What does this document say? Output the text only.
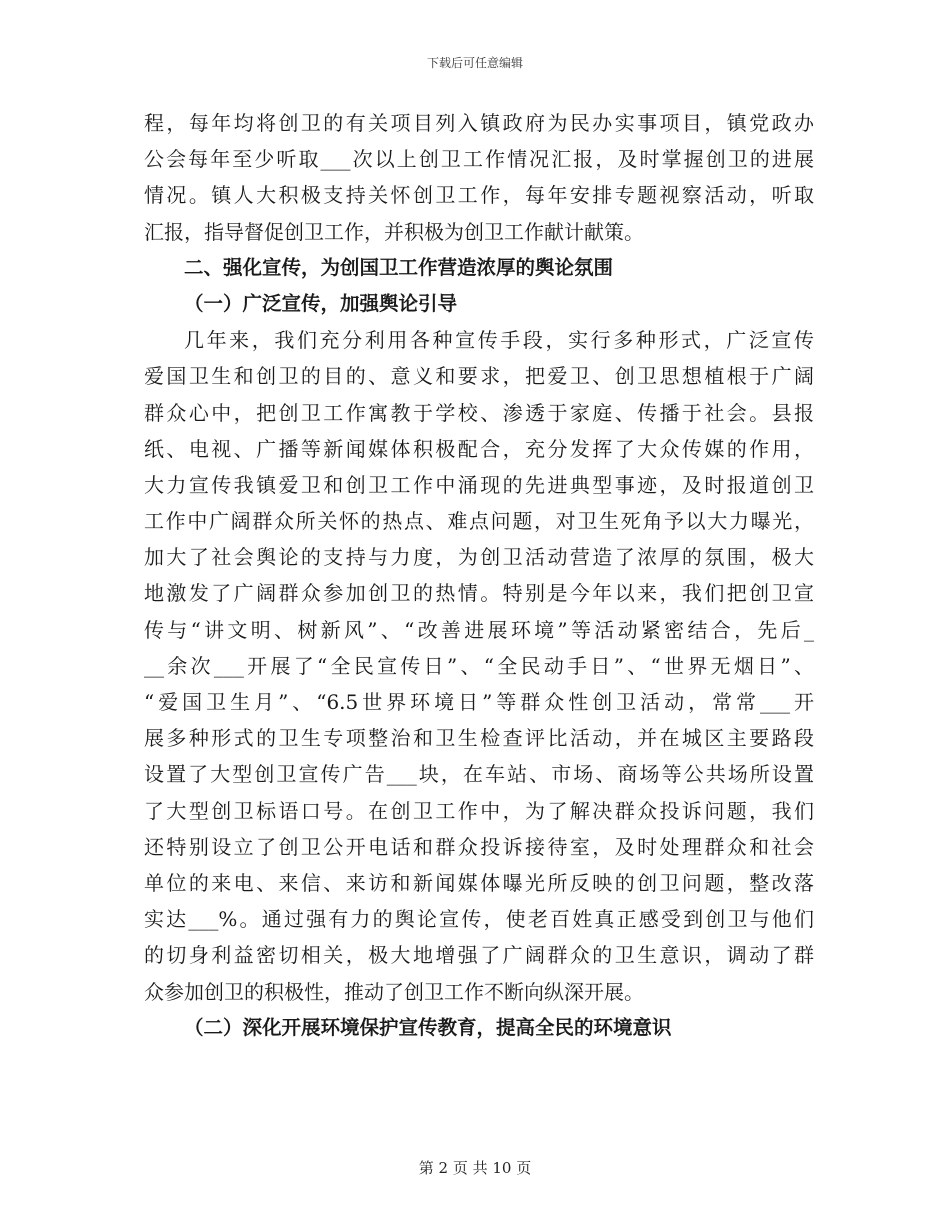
下载后可任意编辑
程，每年均将创卫的有关项目列入镇政府为民办实事项目，镇党政办
公会每年至少听取___次以上创卫工作情况汇报，及时掌握创卫的进展
情况。镇人大积极支持关怀创卫工作，每年安排专题视察活动，听取
汇报，指导督促创卫工作，并积极为创卫工作献计献策。
二、强化宣传，为创国卫工作营造浓厚的舆论氛围
（一）广泛宣传，加强舆论引导
几年来，我们充分利用各种宣传手段，实行多种形式，广泛宣传
爱国卫生和创卫的目的、意义和要求，把爱卫、创卫思想植根于广阔
群众心中，把创卫工作寓教于学校、渗透于家庭、传播于社会。县报
纸、电视、广播等新闻媒体积极配合，充分发挥了大众传媒的作用，
大力宣传我镇爱卫和创卫工作中涌现的先进典型事迹，及时报道创卫
工作中广阔群众所关怀的热点、难点问题，对卫生死角予以大力曝光，
加大了社会舆论的支持与力度，为创卫活动营造了浓厚的氛围，极大
地激发了广阔群众参加创卫的热情。特别是今年以来，我们把创卫宣
传与“讲文明、树新风”、“改善进展环境”等活动紧密结合，先后_
__余次___开展了“全民宣传日”、“全民动手日”、“世界无烟日”、
“爱国卫生月”、“6.5世界环境日”等群众性创卫活动，常常___开
展多种形式的卫生专项整治和卫生检查评比活动，并在城区主要路段
设置了大型创卫宣传广告___块，在车站、市场、商场等公共场所设置
了大型创卫标语口号。在创卫工作中，为了解决群众投诉问题，我们
还特别设立了创卫公开电话和群众投诉接待室，及时处理群众和社会
单位的来电、来信、来访和新闻媒体曝光所反映的创卫问题，整改落
实达___%。通过强有力的舆论宣传，使老百姓真正感受到创卫与他们
的切身利益密切相关，极大地增强了广阔群众的卫生意识，调动了群
众参加创卫的积极性，推动了创卫工作不断向纵深开展。
（二）深化开展环境保护宣传教育，提高全民的环境意识
第 2 页 共 10 页
